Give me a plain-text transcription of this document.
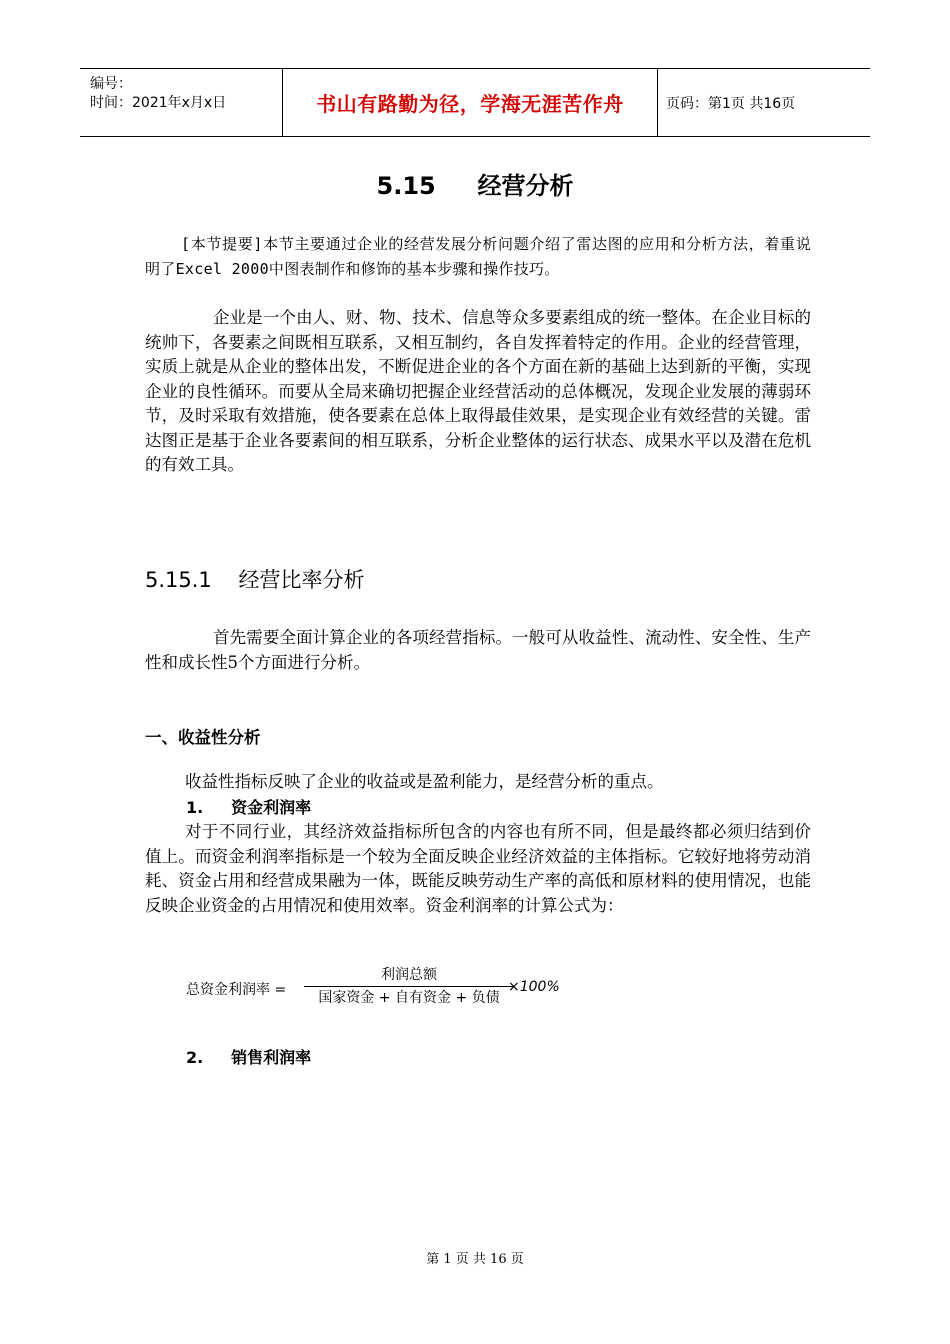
编号：
时间：2021年x月x日	书山有路勤为径，学海无涯苦作舟	页码：第1页 共16页
5.15     经营分析

[本节提要]本节主要通过企业的经营发展分析问题介绍了雷达图的应用和分析方法，着重说明了Excel 2000中图表制作和修饰的基本步骤和操作技巧。

企业是一个由人、财、物、技术、信息等众多要素组成的统一整体。在企业目标的统帅下，各要素之间既相互联系，又相互制约，各自发挥着特定的作用。企业的经营管理，实质上就是从企业的整体出发，不断促进企业的各个方面在新的基础上达到新的平衡，实现企业的良性循环。而要从全局来确切把握企业经营活动的总体概况，发现企业发展的薄弱环节，及时采取有效措施，使各要素在总体上取得最佳效果，是实现企业有效经营的关键。雷达图正是基于企业各要素间的相互联系，分析企业整体的运行状态、成果水平以及潜在危机的有效工具。

5.15.1    经营比率分析

首先需要全面计算企业的各项经营指标。一般可从收益性、流动性、安全性、生产性和成长性5个方面进行分析。

一、收益性分析

收益性指标反映了企业的收益或是盈利能力，是经营分析的重点。

1.     资金利润率

对于不同行业，其经济效益指标所包含的内容也有所不同，但是最终都必须归结到价值上。而资金利润率指标是一个较为全面反映企业经济效益的主体指标。它较好地将劳动消耗、资金占用和经营成果融为一体，既能反映劳动生产率的高低和原材料的使用情况，也能反映企业资金的占用情况和使用效率。资金利润率的计算公式为：

总资金利润率 =
利润总额
国家资金 + 自有资金 + 负债
×100%
2.     销售利润率
第 1 页 共 16 页
